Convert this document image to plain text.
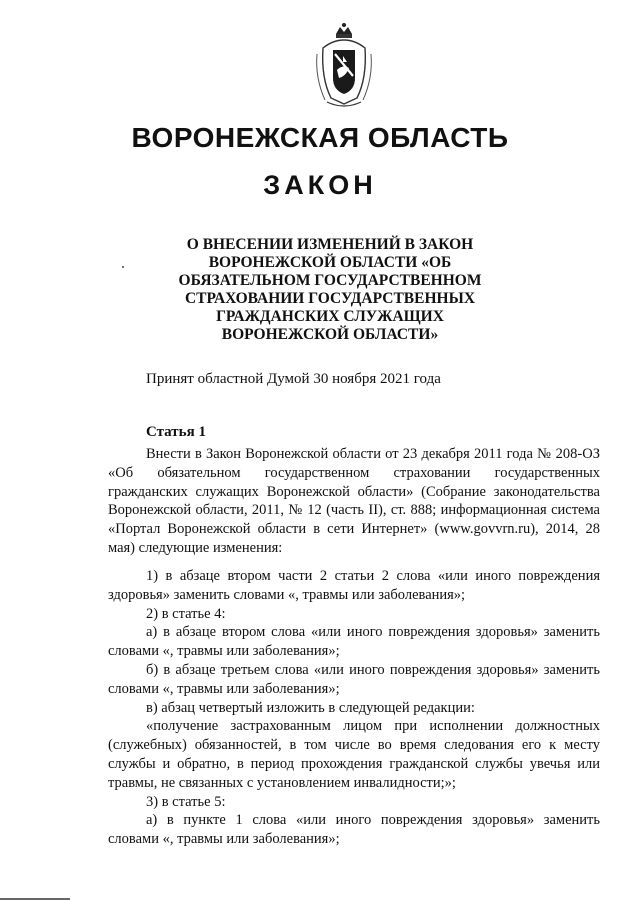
ВОРОНЕЖСКАЯ ОБЛАСТЬ
ЗАКОН
О ВНЕСЕНИИ ИЗМЕНЕНИЙ В ЗАКОН
ВОРОНЕЖСКОЙ ОБЛАСТИ «ОБ
ОБЯЗАТЕЛЬНОМ ГОСУДАРСТВЕННОМ
СТРАХОВАНИИ ГОСУДАРСТВЕННЫХ
ГРАЖДАНСКИХ СЛУЖАЩИХ
ВОРОНЕЖСКОЙ ОБЛАСТИ»
Принят областной Думой 30 ноября 2021 года
Статья 1

Внести в Закон Воронежской области от 23 декабря 2011 года № 208-ОЗ «Об обязательном государственном страховании государственных гражданских служащих Воронежской области» (Собрание законодательства Воронежской области, 2011, № 12 (часть II), ст. 888; информационная система «Портал Воронежской области в сети Интернет» (www.govvrn.ru), 2014, 28 мая) следующие изменения:

1) в абзаце втором части 2 статьи 2 слова «или иного повреждения здоровья» заменить словами «, травмы или заболевания»;

2) в статье 4:

а) в абзаце втором слова «или иного повреждения здоровья» заменить словами «, травмы или заболевания»;

б) в абзаце третьем слова «или иного повреждения здоровья» заменить словами «, травмы или заболевания»;

в) абзац четвертый изложить в следующей редакции:

«получение застрахованным лицом при исполнении должностных (служебных) обязанностей, в том числе во время следования его к месту службы и обратно, в период прохождения гражданской службы увечья или травмы, не связанных с установлением инвалидности;»;

3) в статье 5:

а) в пункте 1 слова «или иного повреждения здоровья» заменить словами «, травмы или заболевания»;
